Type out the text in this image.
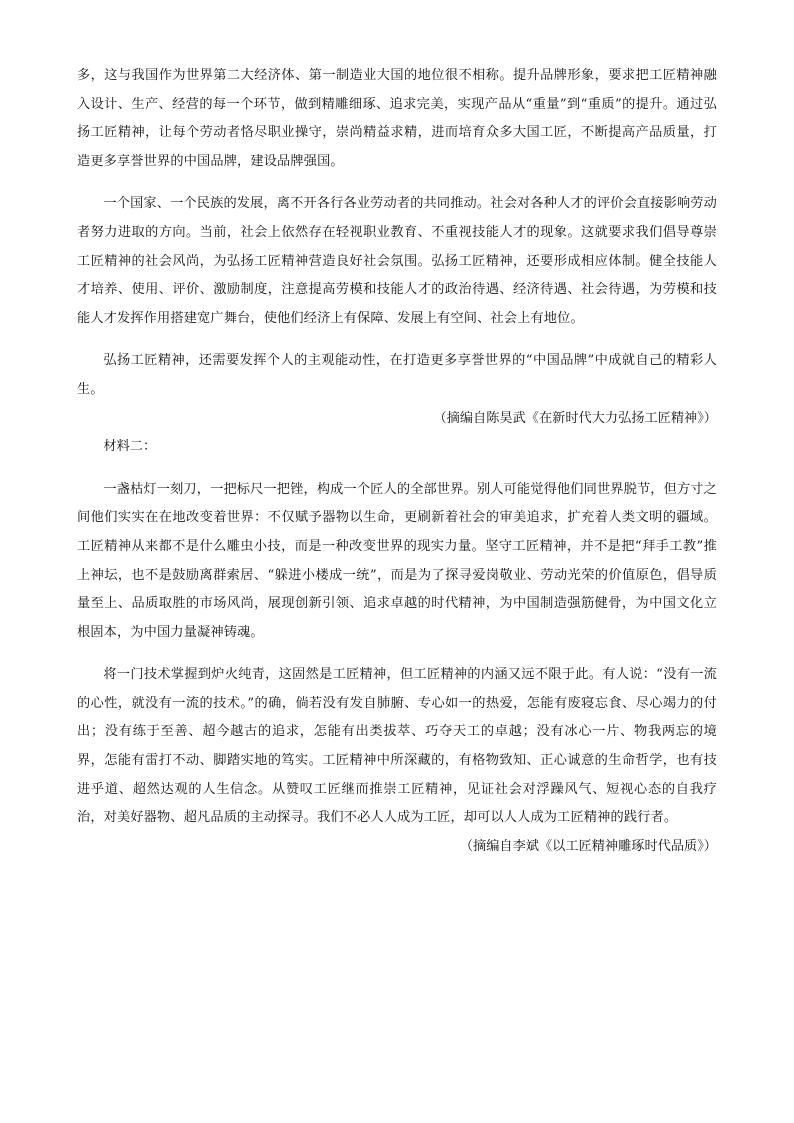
多，这与我国作为世界第二大经济体、第一制造业大国的地位很不相称。提升品牌形象，要求把工匠精神融入设计、生产、经营的每一个环节，做到精雕细琢、追求完美，实现产品从“重量”到“重质”的提升。通过弘扬工匠精神，让每个劳动者恪尽职业操守，崇尚精益求精，进而培育众多大国工匠，不断提高产品质量，打造更多享誉世界的中国品牌，建设品牌强国。

一个国家、一个民族的发展，离不开各行各业劳动者的共同推动。社会对各种人才的评价会直接影响劳动者努力进取的方向。当前，社会上依然存在轻视职业教育、不重视技能人才的现象。这就要求我们倡导尊崇工匠精神的社会风尚，为弘扬工匠精神营造良好社会氛围。弘扬工匠精神，还要形成相应体制。健全技能人才培养、使用、评价、激励制度，注意提高劳模和技能人才的政治待遇、经济待遇、社会待遇，为劳模和技能人才发挥作用搭建宽广舞台，使他们经济上有保障、发展上有空间、社会上有地位。

弘扬工匠精神，还需要发挥个人的主观能动性，在打造更多享誉世界的“中国品牌”中成就自己的精彩人生。

（摘编自陈昊武《在新时代大力弘扬工匠精神》）

材料二：

一盏枯灯一刻刀，一把标尺一把锉，构成一个匠人的全部世界。别人可能觉得他们同世界脱节，但方寸之间他们实实在在地改变着世界：不仅赋予器物以生命，更刷新着社会的审美追求，扩充着人类文明的疆域。工匠精神从来都不是什么雕虫小技，而是一种改变世界的现实力量。坚守工匠精神，并不是把“拜手工教”推上神坛，也不是鼓励离群索居、“躲进小楼成一统”，而是为了探寻爱岗敬业、劳动光荣的价值原色，倡导质量至上、品质取胜的市场风尚，展现创新引领、追求卓越的时代精神，为中国制造强筋健骨，为中国文化立根固本，为中国力量凝神铸魂。

将一门技术掌握到炉火纯青，这固然是工匠精神，但工匠精神的内涵又远不限于此。有人说：“没有一流的心性，就没有一流的技术。”的确，倘若没有发自肺腑、专心如一的热爱，怎能有废寝忘食、尽心竭力的付出；没有练于至善、超今越古的追求，怎能有出类拔萃、巧夺天工的卓越；没有冰心一片、物我两忘的境界，怎能有雷打不动、脚踏实地的笃实。工匠精神中所深藏的，有格物致知、正心诚意的生命哲学，也有技进乎道、超然达观的人生信念。从赞叹工匠继而推崇工匠精神，见证社会对浮躁风气、短视心态的自我疗治，对美好器物、超凡品质的主动探寻。我们不必人人成为工匠，却可以人人成为工匠精神的践行者。

（摘编自李斌《以工匠精神雕琢时代品质》）
